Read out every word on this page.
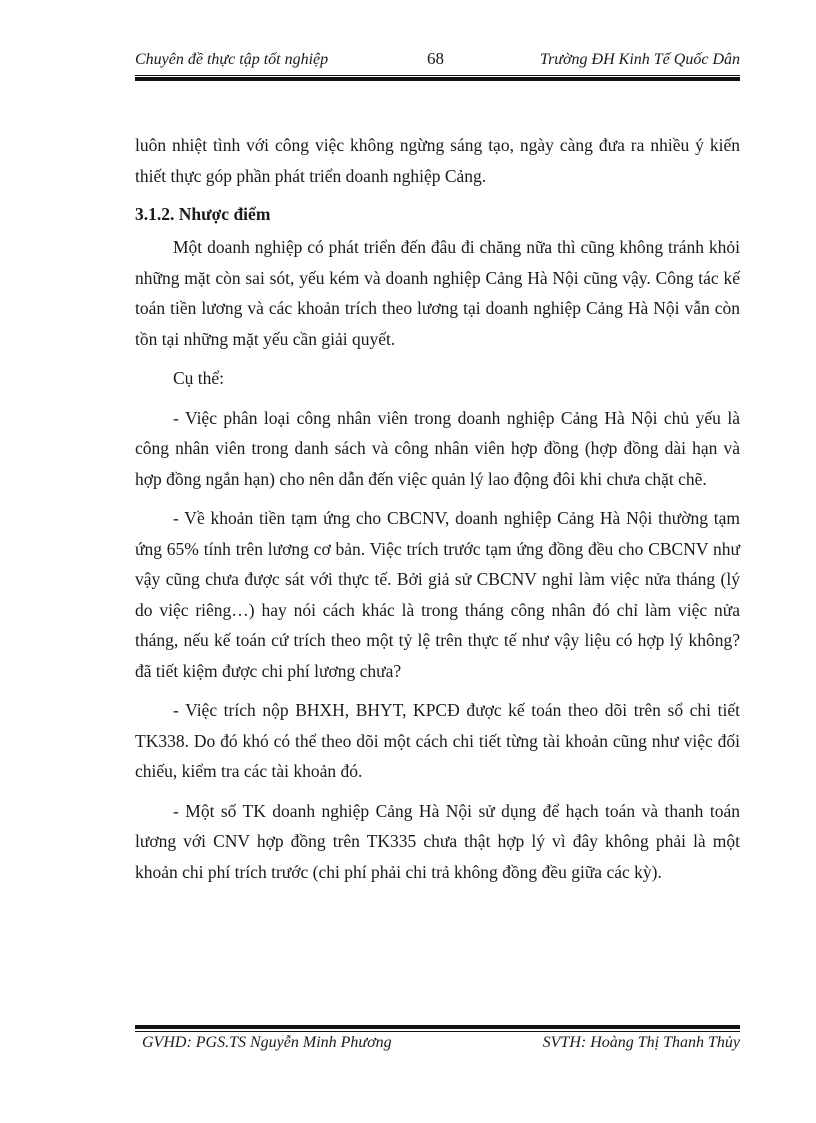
Chuyên đề thực tập tốt nghiệp	68	Trường ĐH Kinh Tế Quốc Dân

luôn nhiệt tình với công việc không ngừng sáng tạo, ngày càng đưa ra nhiều ý kiến thiết thực góp phần phát triển doanh nghiệp Cảng.

3.1.2. Nhược điểm

Một doanh nghiệp có phát triển đến đâu đi chăng nữa thì cũng không tránh khỏi những mặt còn sai sót, yếu kém và doanh nghiệp Cảng Hà Nội cũng vậy. Công tác kế toán tiền lương và các khoản trích theo lương tại doanh nghiệp Cảng Hà Nội vẫn còn tồn tại những mặt yếu cần giải quyết.

Cụ thể:

- Việc phân loại công nhân viên trong doanh nghiệp Cảng Hà Nội chủ yếu là công nhân viên trong danh sách và công nhân viên hợp đồng (hợp đồng dài hạn và hợp đồng ngắn hạn) cho nên dẫn đến việc quản lý lao động đôi khi chưa chặt chẽ.

- Về khoản tiền tạm ứng cho CBCNV, doanh nghiệp Cảng Hà Nội thường tạm ứng 65% tính trên lương cơ bản. Việc trích trước tạm ứng đồng đều cho CBCNV như vậy cũng chưa được sát với thực tế. Bởi giả sử CBCNV nghỉ làm việc nửa tháng (lý do việc riêng…) hay nói cách khác là trong tháng công nhân đó chỉ làm việc nửa tháng, nếu kế toán cứ trích theo một tỷ lệ trên thực tế như vậy liệu có hợp lý không? đã tiết kiệm được chi phí lương chưa?

- Việc trích nộp BHXH, BHYT, KPCĐ được kế toán theo dõi trên sổ chi tiết TK338. Do đó khó có thể theo dõi một cách chi tiết từng tài khoản cũng như việc đối chiếu, kiểm tra các tài khoản đó.

- Một số TK doanh nghiệp Cảng Hà Nội sử dụng để hạch toán và thanh toán lương với CNV hợp đồng trên TK335 chưa thật hợp lý vì đây không phải là một khoản chi phí trích trước (chi phí phải chi trả không đồng đều giữa các kỳ).

GVHD: PGS.TS Nguyễn Minh Phương	SVTH: Hoàng Thị Thanh Thủy
